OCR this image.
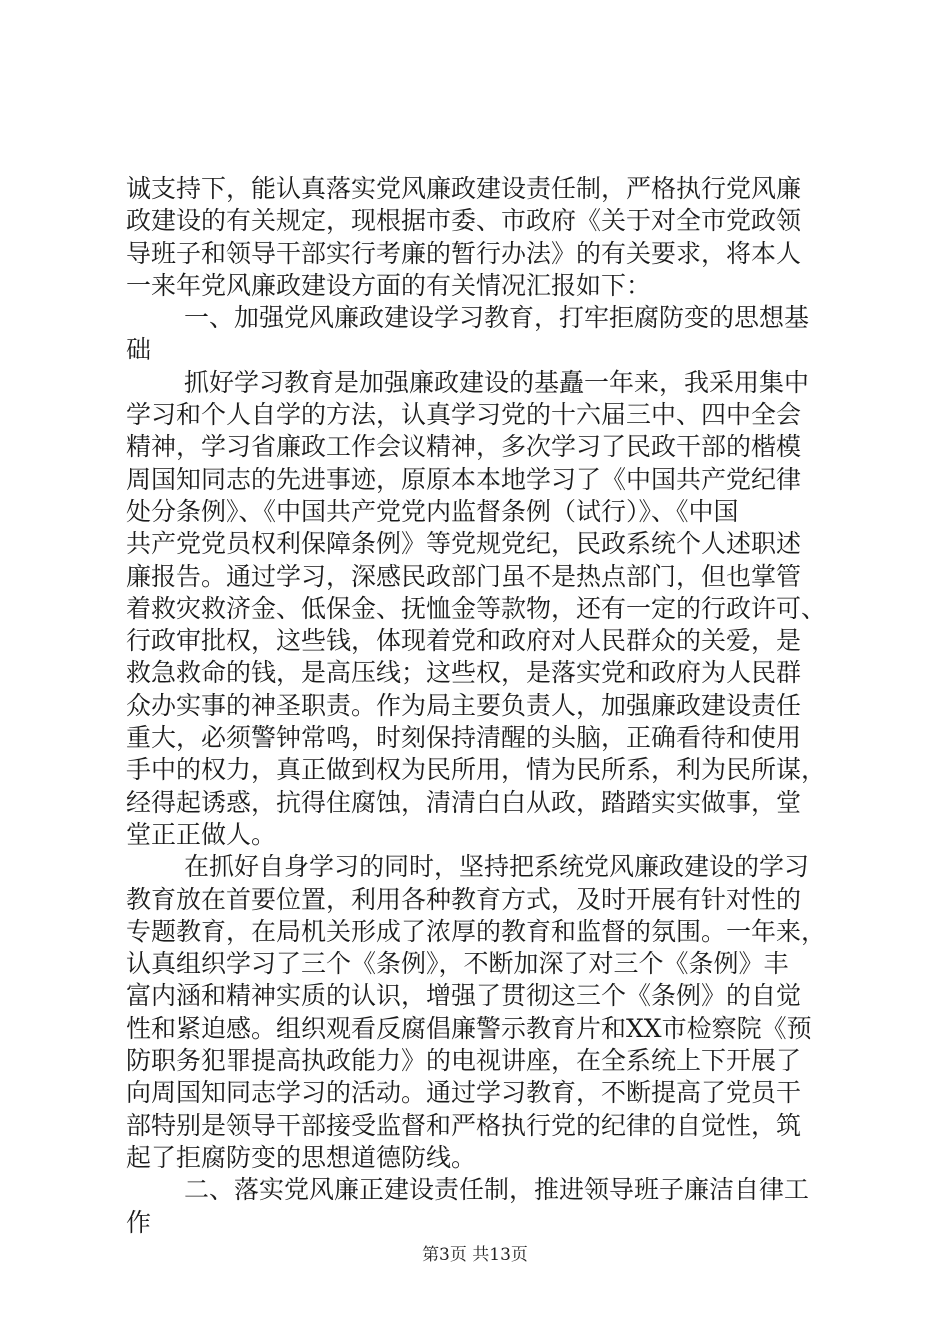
诚支持下，能认真落实党风廉政建设责任制，严格执行党风廉
政建设的有关规定，现根据市委、市政府《关于对全市党政领
导班子和领导干部实行考廉的暂行办法》的有关要求，将本人
一来年党风廉政建设方面的有关情况汇报如下：
一、加强党风廉政建设学习教育，打牢拒腐防变的思想基
础
抓好学习教育是加强廉政建设的基矗一年来，我采用集中
学习和个人自学的方法，认真学习党的十六届三中、四中全会
精神，学习省廉政工作会议精神，多次学习了民政干部的楷模
周国知同志的先进事迹，原原本本地学习了《中国共产党纪律
处分条例》、《中国共产党党内监督条例（试行）》、《中国
共产党党员权利保障条例》等党规党纪，民政系统个人述职述
廉报告。通过学习，深感民政部门虽不是热点部门，但也掌管
着救灾救济金、低保金、抚恤金等款物，还有一定的行政许可、
行政审批权，这些钱，体现着党和政府对人民群众的关爱，是
救急救命的钱，是高压线；这些权，是落实党和政府为人民群
众办实事的神圣职责。作为局主要负责人，加强廉政建设责任
重大，必须警钟常鸣，时刻保持清醒的头脑，正确看待和使用
手中的权力，真正做到权为民所用，情为民所系，利为民所谋，
经得起诱惑，抗得住腐蚀，清清白白从政，踏踏实实做事，堂
堂正正做人。
在抓好自身学习的同时，坚持把系统党风廉政建设的学习
教育放在首要位置，利用各种教育方式，及时开展有针对性的
专题教育，在局机关形成了浓厚的教育和监督的氛围。一年来，
认真组织学习了三个《条例》，不断加深了对三个《条例》丰
富内涵和精神实质的认识，增强了贯彻这三个《条例》的自觉
性和紧迫感。组织观看反腐倡廉警示教育片和XX市检察院《预
防职务犯罪提高执政能力》的电视讲座，在全系统上下开展了
向周国知同志学习的活动。通过学习教育，不断提高了党员干
部特别是领导干部接受监督和严格执行党的纪律的自觉性，筑
起了拒腐防变的思想道德防线。
二、落实党风廉正建设责任制，推进领导班子廉洁自律工
作
第3页 共13页
